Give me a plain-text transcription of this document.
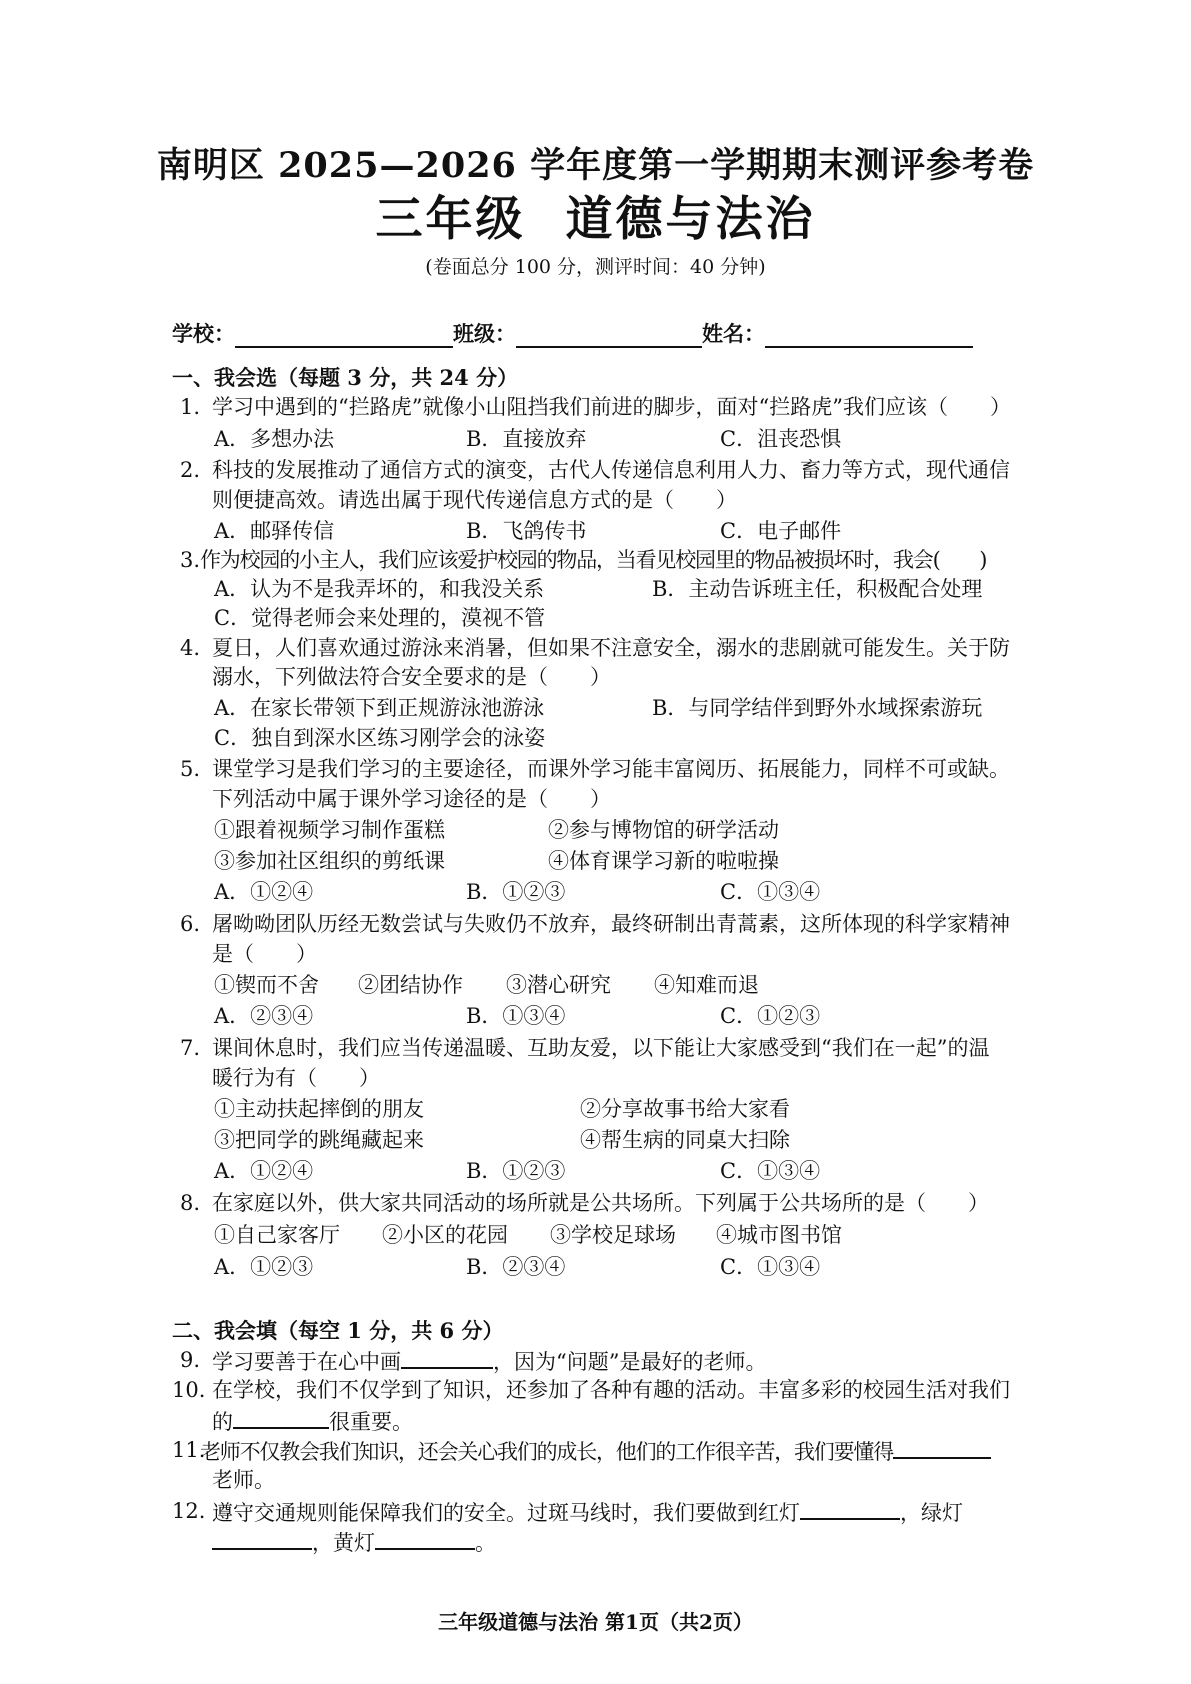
南明区 2025—2026 学年度第一学期期末测评参考卷
三年级 道德与法治
(卷面总分 100 分，测评时间：40 分钟)
学校：	班级：	姓名：
一、我会选（每题 3 分，共 24 分）
1. 学习中遇到的“拦路虎”就像小山阻挡我们前进的脚步，面对“拦路虎”我们应该（　　）
A．多想办法	B．直接放弃	C．沮丧恐惧
2. 科技的发展推动了通信方式的演变，古代人传递信息利用人力、畜力等方式，现代通信
则便捷高效。请选出属于现代传递信息方式的是（　　）
A．邮驿传信	B．飞鸽传书	C．电子邮件
3. 作为校园的小主人，我们应该爱护校园的物品，当看见校园里的物品被损坏时，我会(　　)
A．认为不是我弄坏的，和我没关系	B．主动告诉班主任，积极配合处理
C．觉得老师会来处理的，漠视不管
4. 夏日，人们喜欢通过游泳来消暑，但如果不注意安全，溺水的悲剧就可能发生。关于防
溺水，下列做法符合安全要求的是（　　）
A．在家长带领下到正规游泳池游泳	B．与同学结伴到野外水域探索游玩
C．独自到深水区练习刚学会的泳姿
5. 课堂学习是我们学习的主要途径，而课外学习能丰富阅历、拓展能力，同样不可或缺。
下列活动中属于课外学习途径的是（　　）
①跟着视频学习制作蛋糕	②参与博物馆的研学活动
③参加社区组织的剪纸课	④体育课学习新的啦啦操
A．①②④	B．①②③	C．①③④
6. 屠呦呦团队历经无数尝试与失败仍不放弃，最终研制出青蒿素，这所体现的科学家精神
是（　　）
①锲而不舍 ②团结协作 ③潜心研究 ④知难而退
A．②③④	B．①③④	C．①②③
7. 课间休息时，我们应当传递温暖、互助友爱，以下能让大家感受到“我们在一起”的温
暖行为有（　　）
①主动扶起摔倒的朋友	②分享故事书给大家看
③把同学的跳绳藏起来	④帮生病的同桌大扫除
A．①②④	B．①②③	C．①③④
8. 在家庭以外，供大家共同活动的场所就是公共场所。下列属于公共场所的是（　　）
①自己家客厅 ②小区的花园 ③学校足球场 ④城市图书馆
A．①②③	B．②③④	C．①③④
二、我会填（每空 1 分，共 6 分）
9. 学习要善于在心中画	，因为“问题”是最好的老师。
10. 在学校，我们不仅学到了知识，还参加了各种有趣的活动。丰富多彩的校园生活对我们
的	很重要。
11.
老师不仅教会我们知识，还会关心我们的成长，他们的工作很辛苦，我们要懂得
老师。
12. 遵守交通规则能保障我们的安全。过斑马线时，我们要做到红灯	，绿灯
，黄灯	。
三年级道德与法治 第1页（共2页）
